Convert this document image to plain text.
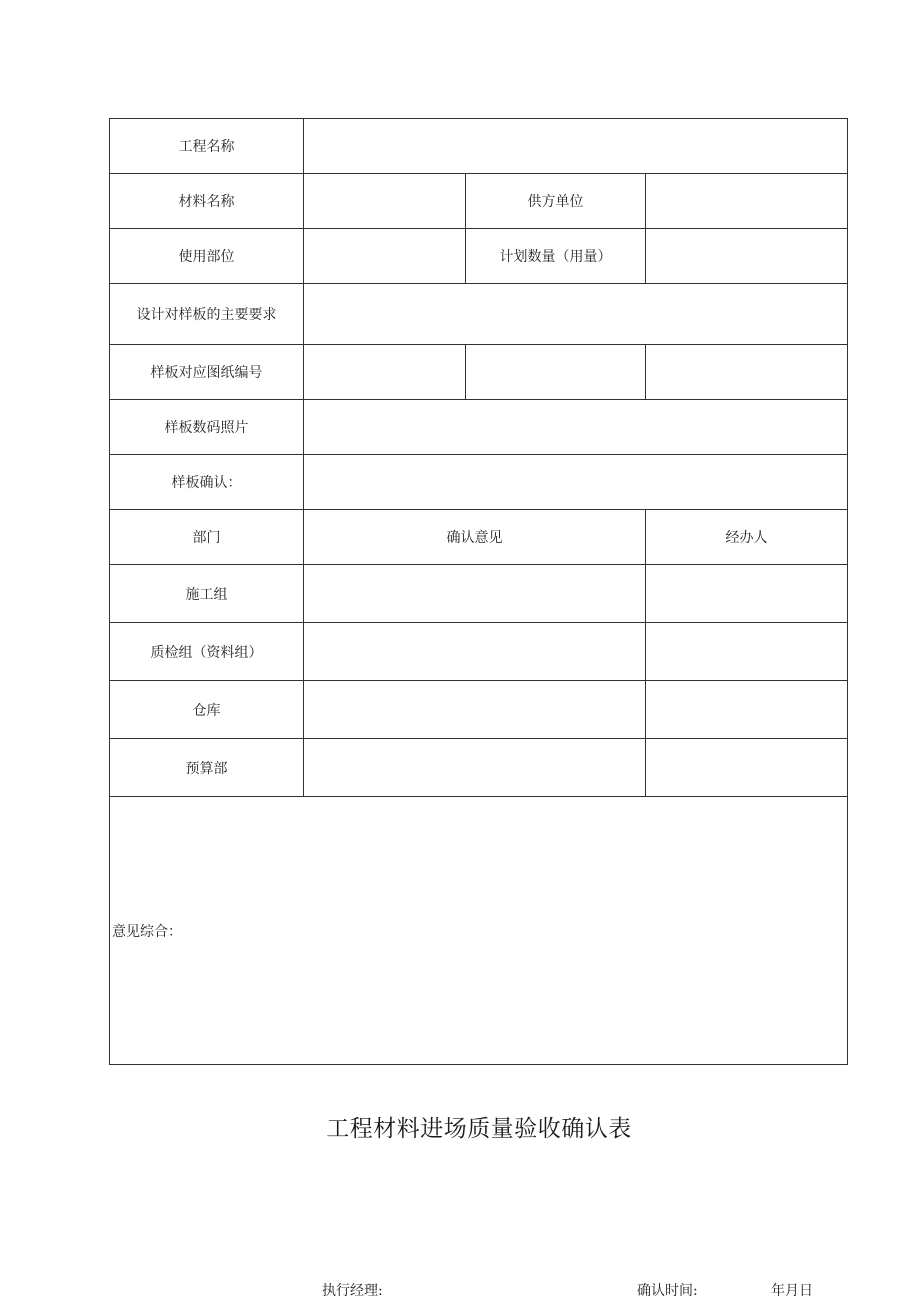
工程名称			
材料名称		供方单位	
使用部位		计划数量（用量）	
设计对样板的主要要求			
样板对应图纸编号			
样板数码照片			
样板确认：			
部门	确认意见		经办人
施工组			
质检组（资料组）			
仓库			
预算部			
意见综合：			
工程材料进场质量验收确认表
执行经理:	确认时间:	年月日
